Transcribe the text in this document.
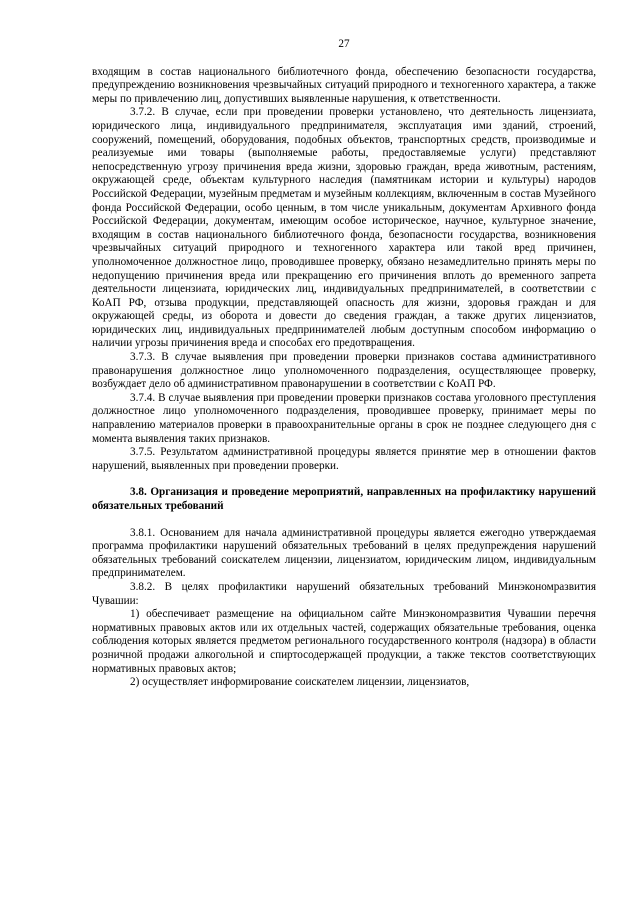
27

входящим в состав национального библиотечного фонда, обеспечению безопасности государства, предупреждению возникновения чрезвычайных ситуаций природного и техногенного характера, а также меры по привлечению лиц, допустивших выявленные нарушения, к ответственности.

3.7.2. В случае, если при проведении проверки установлено, что деятельность лицензиата, юридического лица, индивидуального предпринимателя, эксплуатация ими зданий, строений, сооружений, помещений, оборудования, подобных объектов, транспортных средств, производимые и реализуемые ими товары (выполняемые работы, предоставляемые услуги) представляют непосредственную угрозу причинения вреда жизни, здоровью граждан, вреда животным, растениям, окружающей среде, объектам культурного наследия (памятникам истории и культуры) народов Российской Федерации, музейным предметам и музейным коллекциям, включенным в состав Музейного фонда Российской Федерации, особо ценным, в том числе уникальным, документам Архивного фонда Российской Федерации, документам, имеющим особое историческое, научное, культурное значение, входящим в состав национального библиотечного фонда, безопасности государства, возникновения чрезвычайных ситуаций природного и техногенного характера или такой вред причинен, уполномоченное должностное лицо, проводившее проверку, обязано незамедлительно принять меры по недопущению причинения вреда или прекращению его причинения вплоть до временного запрета деятельности лицензиата, юридических лиц, индивидуальных предпринимателей, в соответствии с КоАП РФ, отзыва продукции, представляющей опасность для жизни, здоровья граждан и для окружающей среды, из оборота и довести до сведения граждан, а также других лицензиатов, юридических лиц, индивидуальных предпринимателей любым доступным способом информацию о наличии угрозы причинения вреда и способах его предотвращения.

3.7.3. В случае выявления при проведении проверки признаков состава административного правонарушения должностное лицо уполномоченного подразделения, осуществляющее проверку, возбуждает дело об административном правонарушении в соответствии с КоАП РФ.

3.7.4. В случае выявления при проведении проверки признаков состава уголовного преступления должностное лицо уполномоченного подразделения, проводившее проверку, принимает меры по направлению материалов проверки в правоохранительные органы в срок не позднее следующего дня с момента выявления таких признаков.

3.7.5. Результатом административной процедуры является принятие мер в отношении фактов нарушений, выявленных при проведении проверки.

3.8. Организация и проведение мероприятий, направленных на профилактику нарушений обязательных требований

3.8.1. Основанием для начала административной процедуры является ежегодно утверждаемая программа профилактики нарушений обязательных требований в целях предупреждения нарушений обязательных требований соискателем лицензии, лицензиатом, юридическим лицом, индивидуальным предпринимателем.

3.8.2. В целях профилактики нарушений обязательных требований Минэкономразвития Чувашии:

1) обеспечивает размещение на официальном сайте Минэкономразвития Чувашии перечня нормативных правовых актов или их отдельных частей, содержащих обязательные требования, оценка соблюдения которых является предметом регионального государственного контроля (надзора) в области розничной продажи алкогольной и спиртосодержащей продукции, а также текстов соответствующих нормативных правовых актов;

2) осуществляет информирование соискателем лицензии, лицензиатов,
